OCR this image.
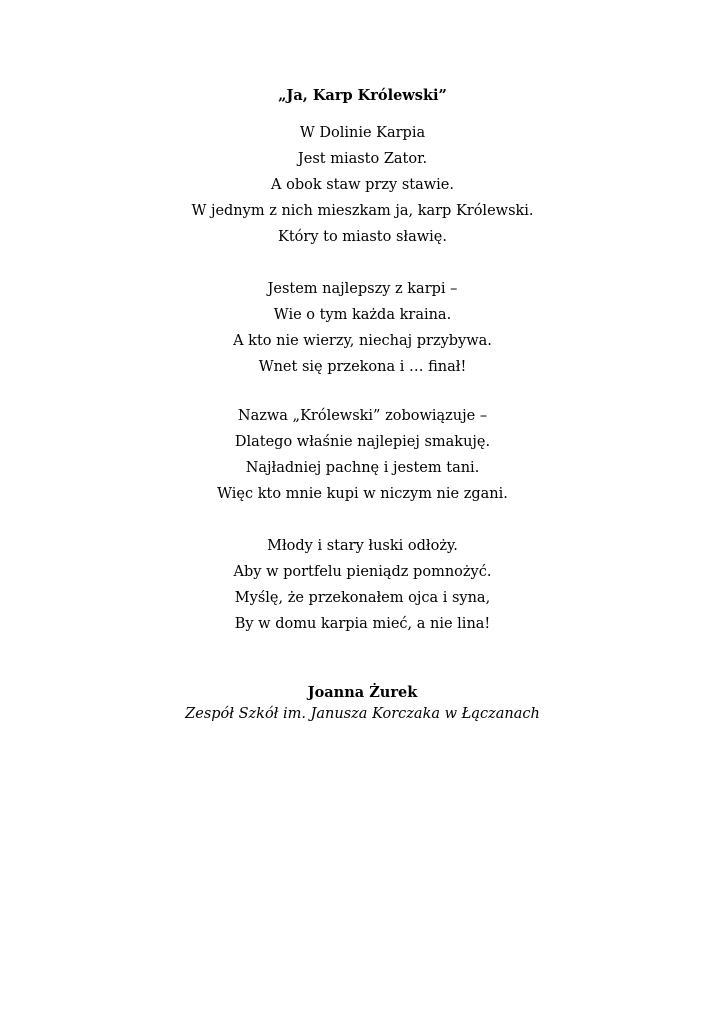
„Ja, Karp Królewski”
W Dolinie Karpia
Jest miasto Zator.
A obok staw przy stawie.
W jednym z nich mieszkam ja, karp Królewski.
Który to miasto sławię.
Jestem najlepszy z karpi –
Wie o tym każda kraina.
A kto nie wierzy, niechaj przybywa.
Wnet się przekona i … finał!
Nazwa „Królewski” zobowiązuje –
Dlatego właśnie najlepiej smakuję.
Najładniej pachnę i jestem tani.
Więc kto mnie kupi w niczym nie zgani.
Młody i stary łuski odłoży.
Aby w portfelu pieniądz pomnożyć.
Myślę, że przekonałem ojca i syna,
By w domu karpia mieć, a nie lina!
Joanna Żurek
Zespół Szkół im. Janusza Korczaka w Łączanach
